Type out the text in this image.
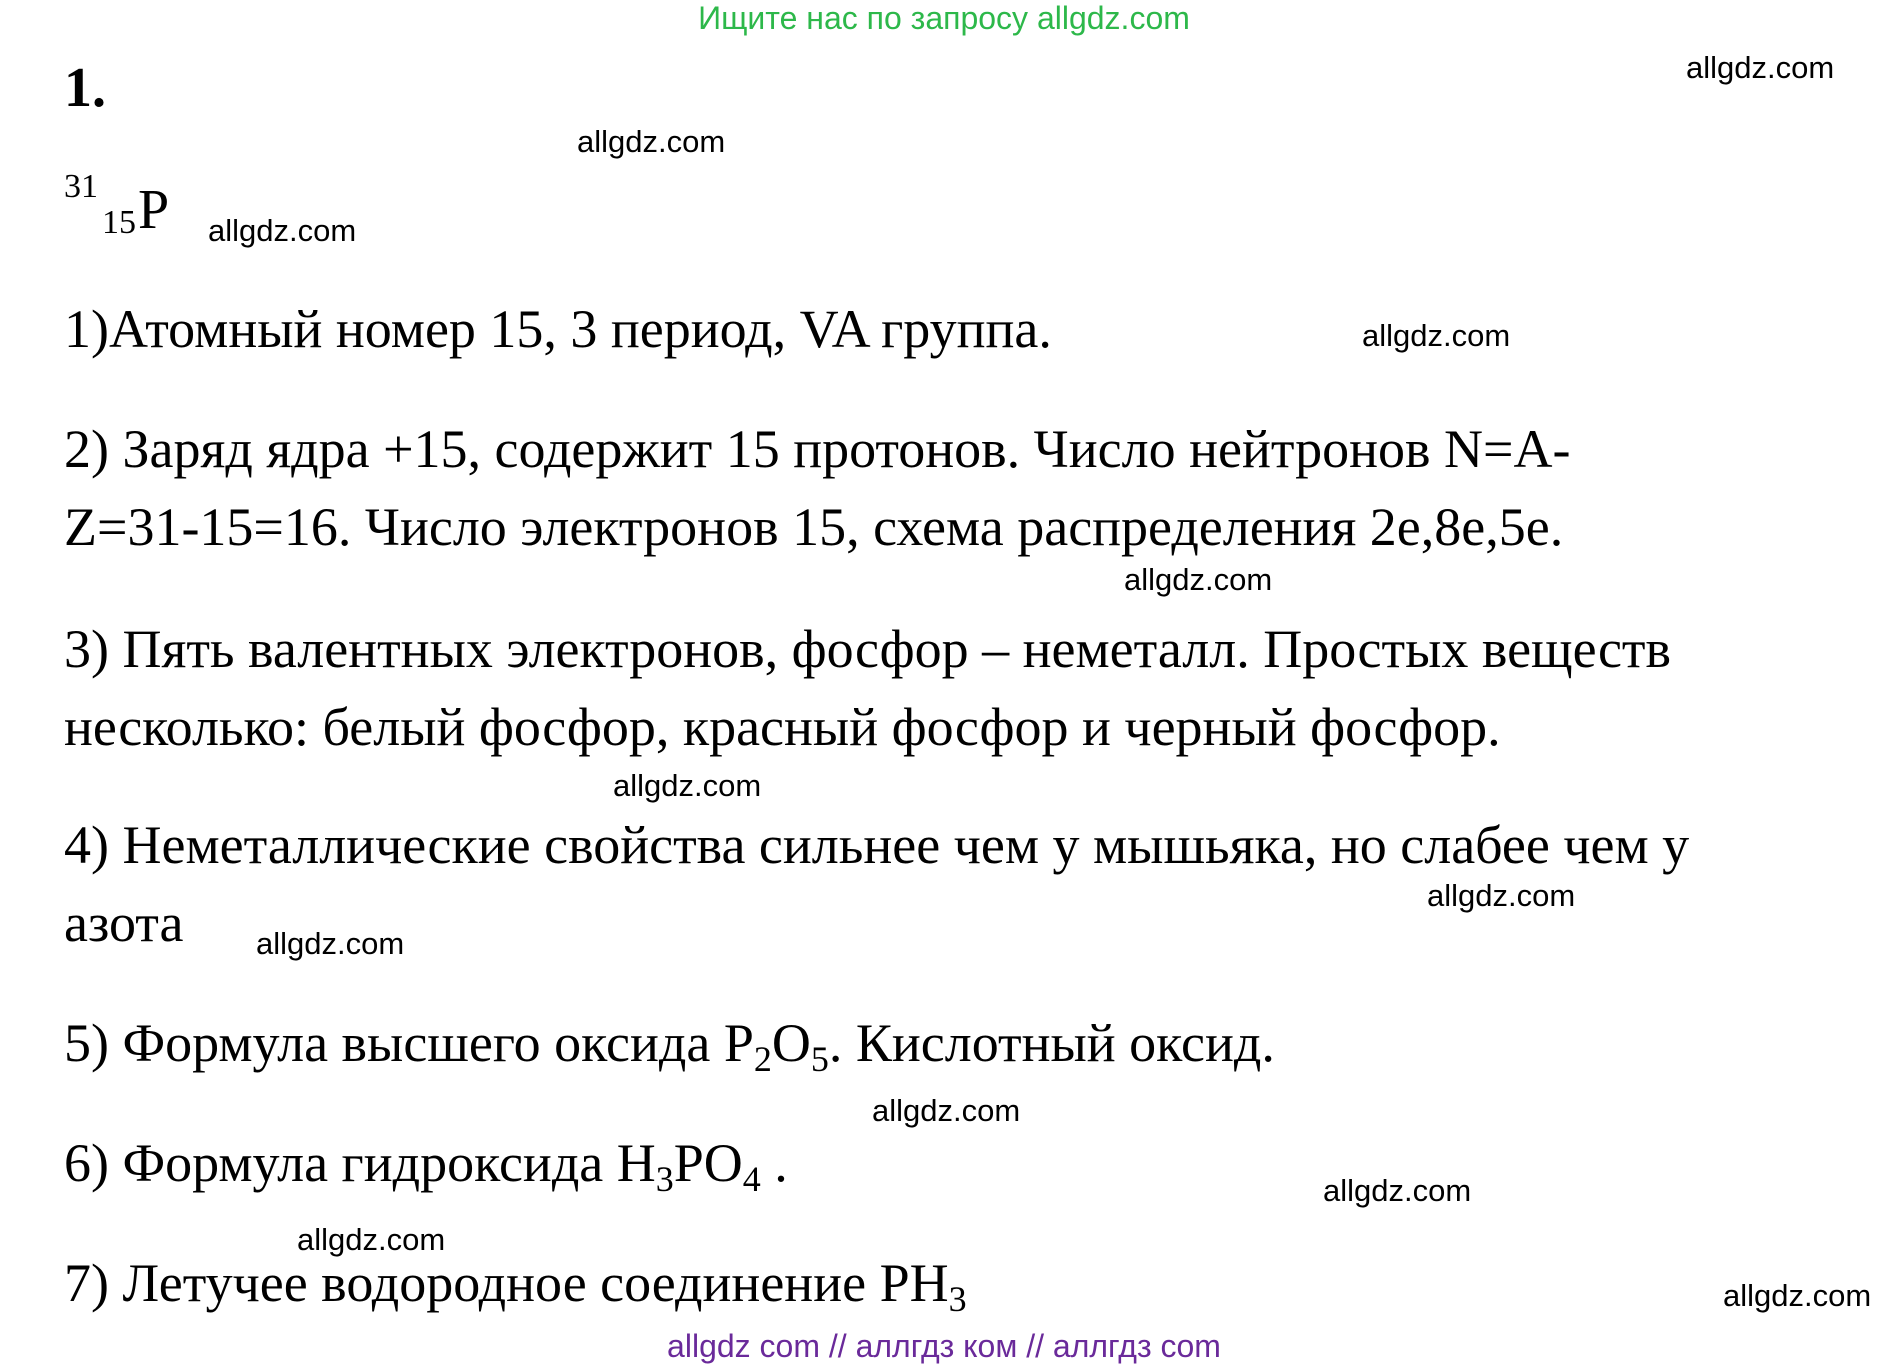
Ищите нас по запросу allgdz.com
1.
31
15 P
1)Атомный номер 15, 3 период, VA группа.
2) Заряд ядра +15, содержит 15 протонов. Число нейтронов N=A-
Z=31-15=16. Число электронов 15, схема распределения 2e,8e,5e.
3) Пять валентных электронов, фосфор – неметалл. Простых веществ
несколько: белый фосфор, красный фосфор и черный фосфор.
4) Неметаллические свойства сильнее чем у мышьяка, но слабее чем у
азота
5) Формула высшего оксида $P_2O_5$. Кислотный оксид.
6) Формула гидроксида $H_3PO_4$ .
7) Летучее водородное соединение $PH_3$
allgdz.com
allgdz.com
allgdz.com
allgdz.com
allgdz.com
allgdz.com
allgdz.com
allgdz.com
allgdz.com
allgdz.com
allgdz.com
allgdz.com
allgdz com // аллгдз ком // аллгдз com
